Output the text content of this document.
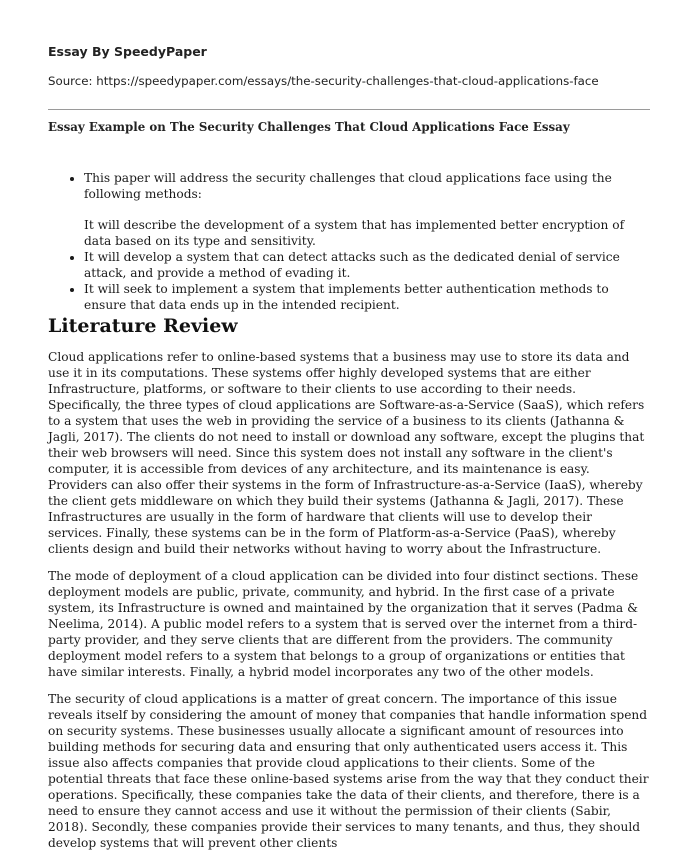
Essay By SpeedyPaper
Source: https://speedypaper.com/essays/the-security-challenges-that-cloud-applications-face
Essay Example on The Security Challenges That Cloud Applications Face Essay
• This paper will address the security challenges that cloud applications face using the following methods:
It will describe the development of a system that has implemented better encryption of data based on its type and sensitivity.
• It will develop a system that can detect attacks such as the dedicated denial of service attack, and provide a method of evading it.
• It will seek to implement a system that implements better authentication methods to ensure that data ends up in the intended recipient.
Literature Review

Cloud applications refer to online-based systems that a business may use to store its data and use it in its computations. These systems offer highly developed systems that are either Infrastructure, platforms, or software to their clients to use according to their needs. Specifically, the three types of cloud applications are Software-as-a-Service (SaaS), which refers to a system that uses the web in providing the service of a business to its clients (Jathanna & Jagli, 2017). The clients do not need to install or download any software, except the plugins that their web browsers will need. Since this system does not install any software in the client's computer, it is accessible from devices of any architecture, and its maintenance is easy. Providers can also offer their systems in the form of Infrastructure-as-a-Service (IaaS), whereby the client gets middleware on which they build their systems (Jathanna & Jagli, 2017). These Infrastructures are usually in the form of hardware that clients will use to develop their services. Finally, these systems can be in the form of Platform-as-a-Service (PaaS), whereby clients design and build their networks without having to worry about the Infrastructure.

The mode of deployment of a cloud application can be divided into four distinct sections. These deployment models are public, private, community, and hybrid. In the first case of a private system, its Infrastructure is owned and maintained by the organization that it serves (Padma & Neelima, 2014). A public model refers to a system that is served over the internet from a third-party provider, and they serve clients that are different from the providers. The community deployment model refers to a system that belongs to a group of organizations or entities that have similar interests. Finally, a hybrid model incorporates any two of the other models.

The security of cloud applications is a matter of great concern. The importance of this issue reveals itself by considering the amount of money that companies that handle information spend on security systems. These businesses usually allocate a significant amount of resources into building methods for securing data and ensuring that only authenticated users access it. This issue also affects companies that provide cloud applications to their clients. Some of the potential threats that face these online-based systems arise from the way that they conduct their operations. Specifically, these companies take the data of their clients, and therefore, there is a need to ensure they cannot access and use it without the permission of their clients (Sabir, 2018). Secondly, these companies provide their services to many tenants, and thus, they should develop systems that will prevent other clients
